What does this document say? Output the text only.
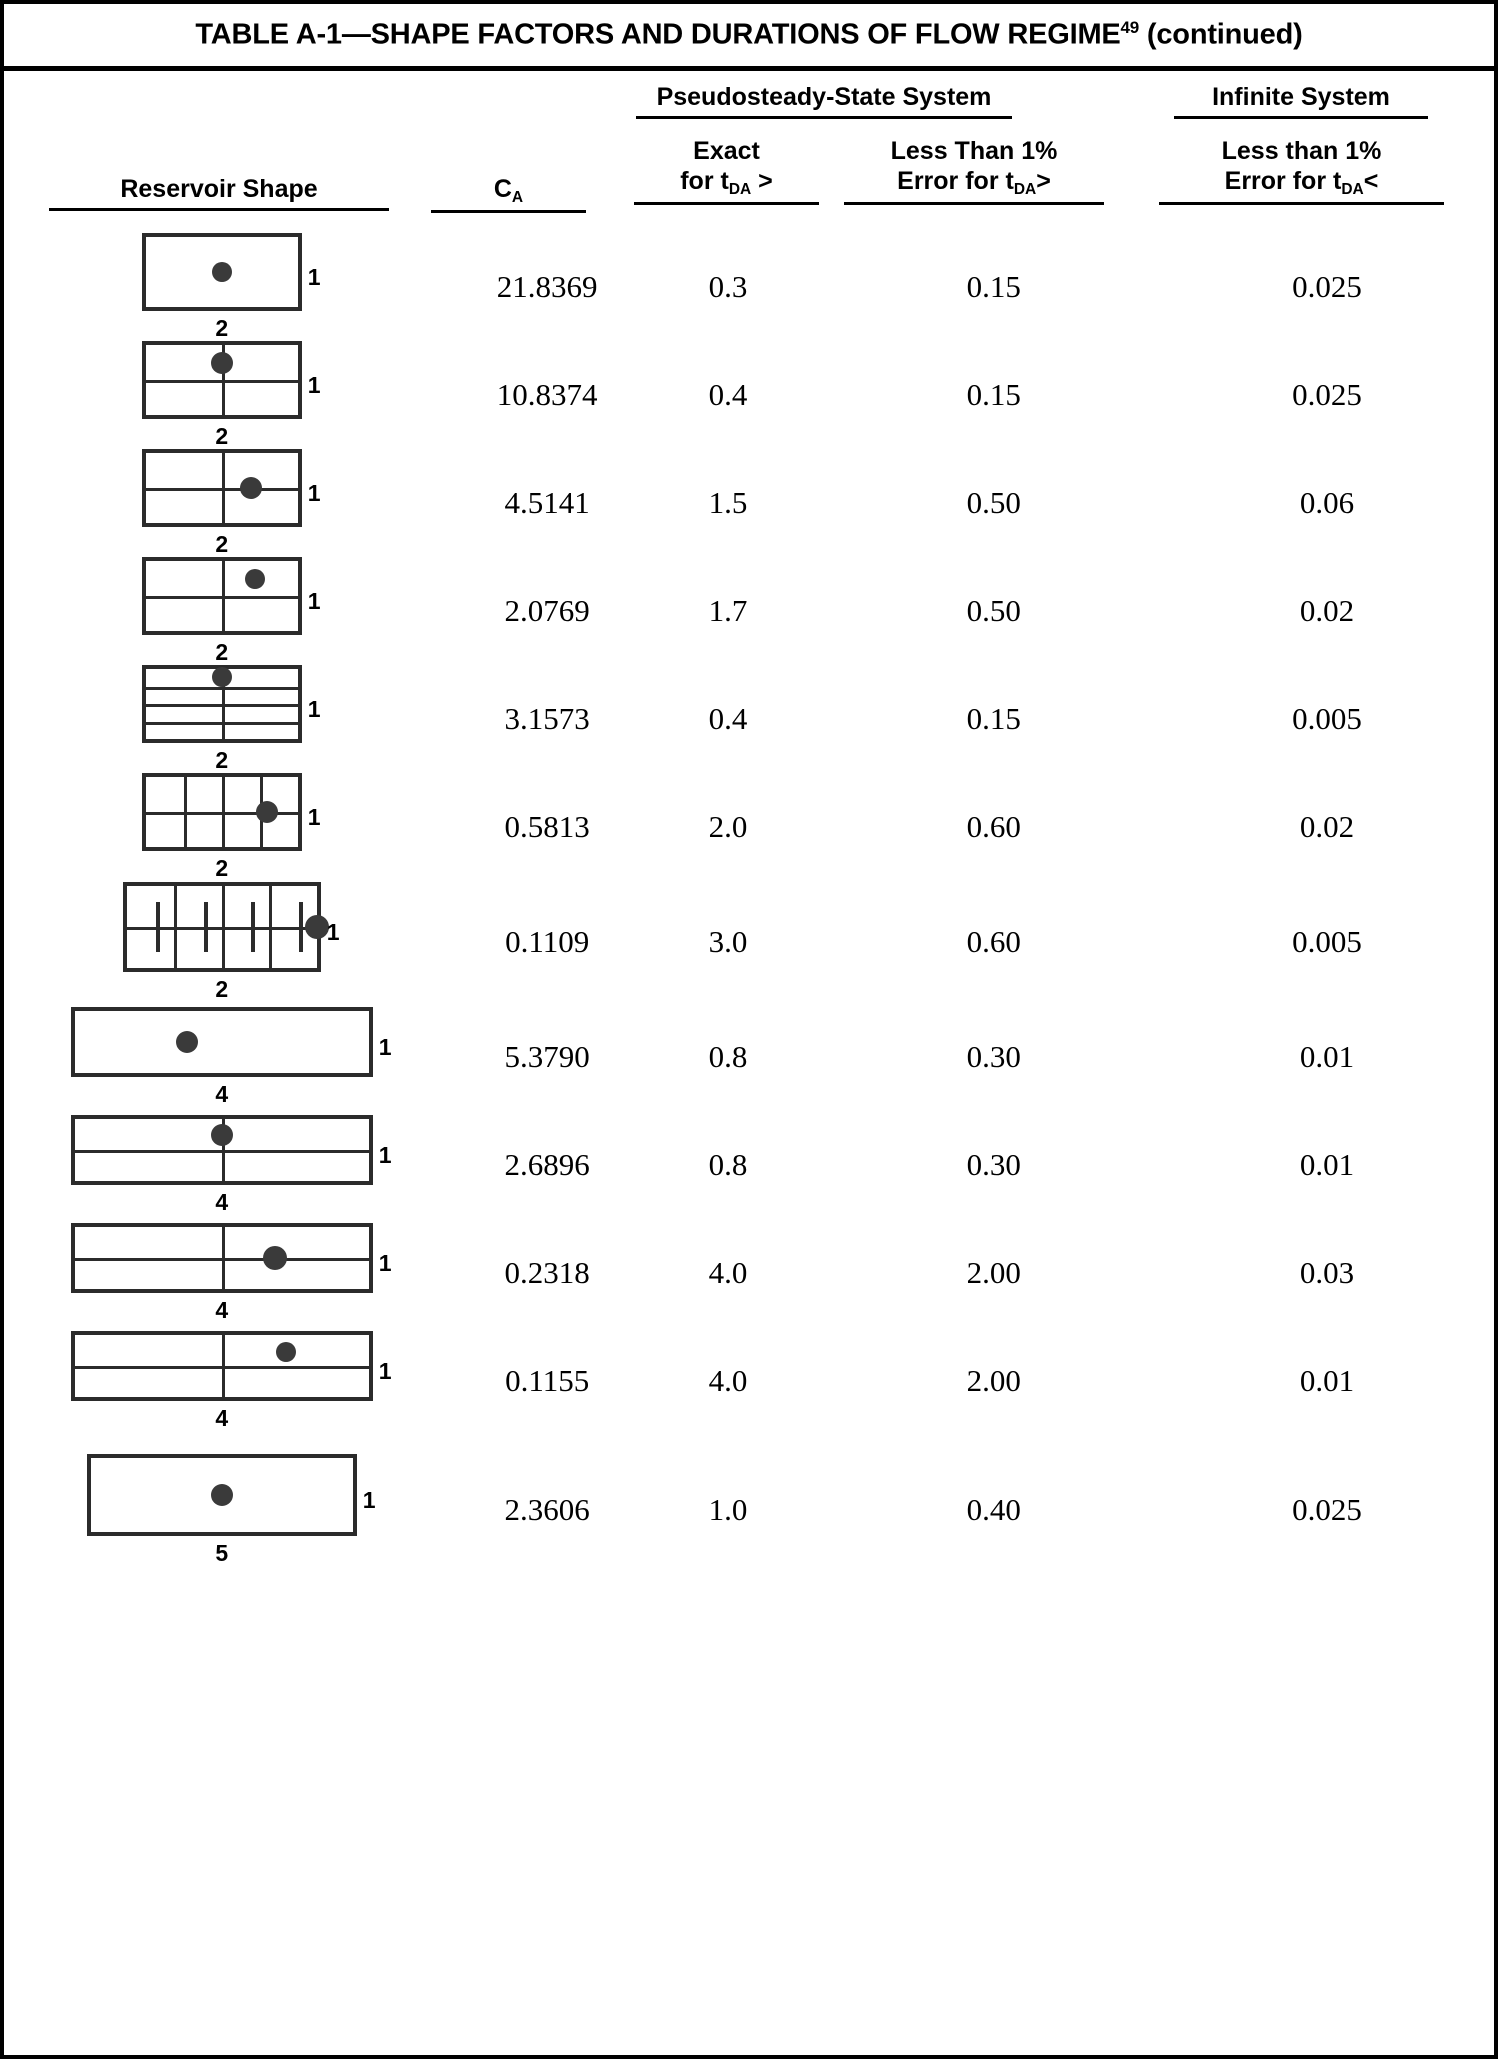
TABLE A-1—SHAPE FACTORS AND DURATIONS OF FLOW REGIME$^{49}$ (continued)
Pseudosteady-State System	Infinite System
Reservoir Shape	$C_A$
Exact
for $t_{DA}$ >
Less Than 1%
Error for $t_{DA}>$
Less than 1%
Error for $t_{DA}<$
1
2	21.8369	0.3	0.15	0.025

1
2	10.8374	0.4	0.15	0.025

1
2	4.5141	1.5	0.50	0.06

1
2	2.0769	1.7	0.50	0.02

1
2	3.1573	0.4	0.15	0.005

1
2	0.5813	2.0	0.60	0.02

1
2	0.1109	3.0	0.60	0.005

1
4	5.3790	0.8	0.30	0.01

1
4	2.6896	0.8	0.30	0.01

1
4	0.2318	4.0	2.00	0.03

1
4	0.1155	4.0	2.00	0.01

1
5	2.3606	1.0	0.40	0.025
